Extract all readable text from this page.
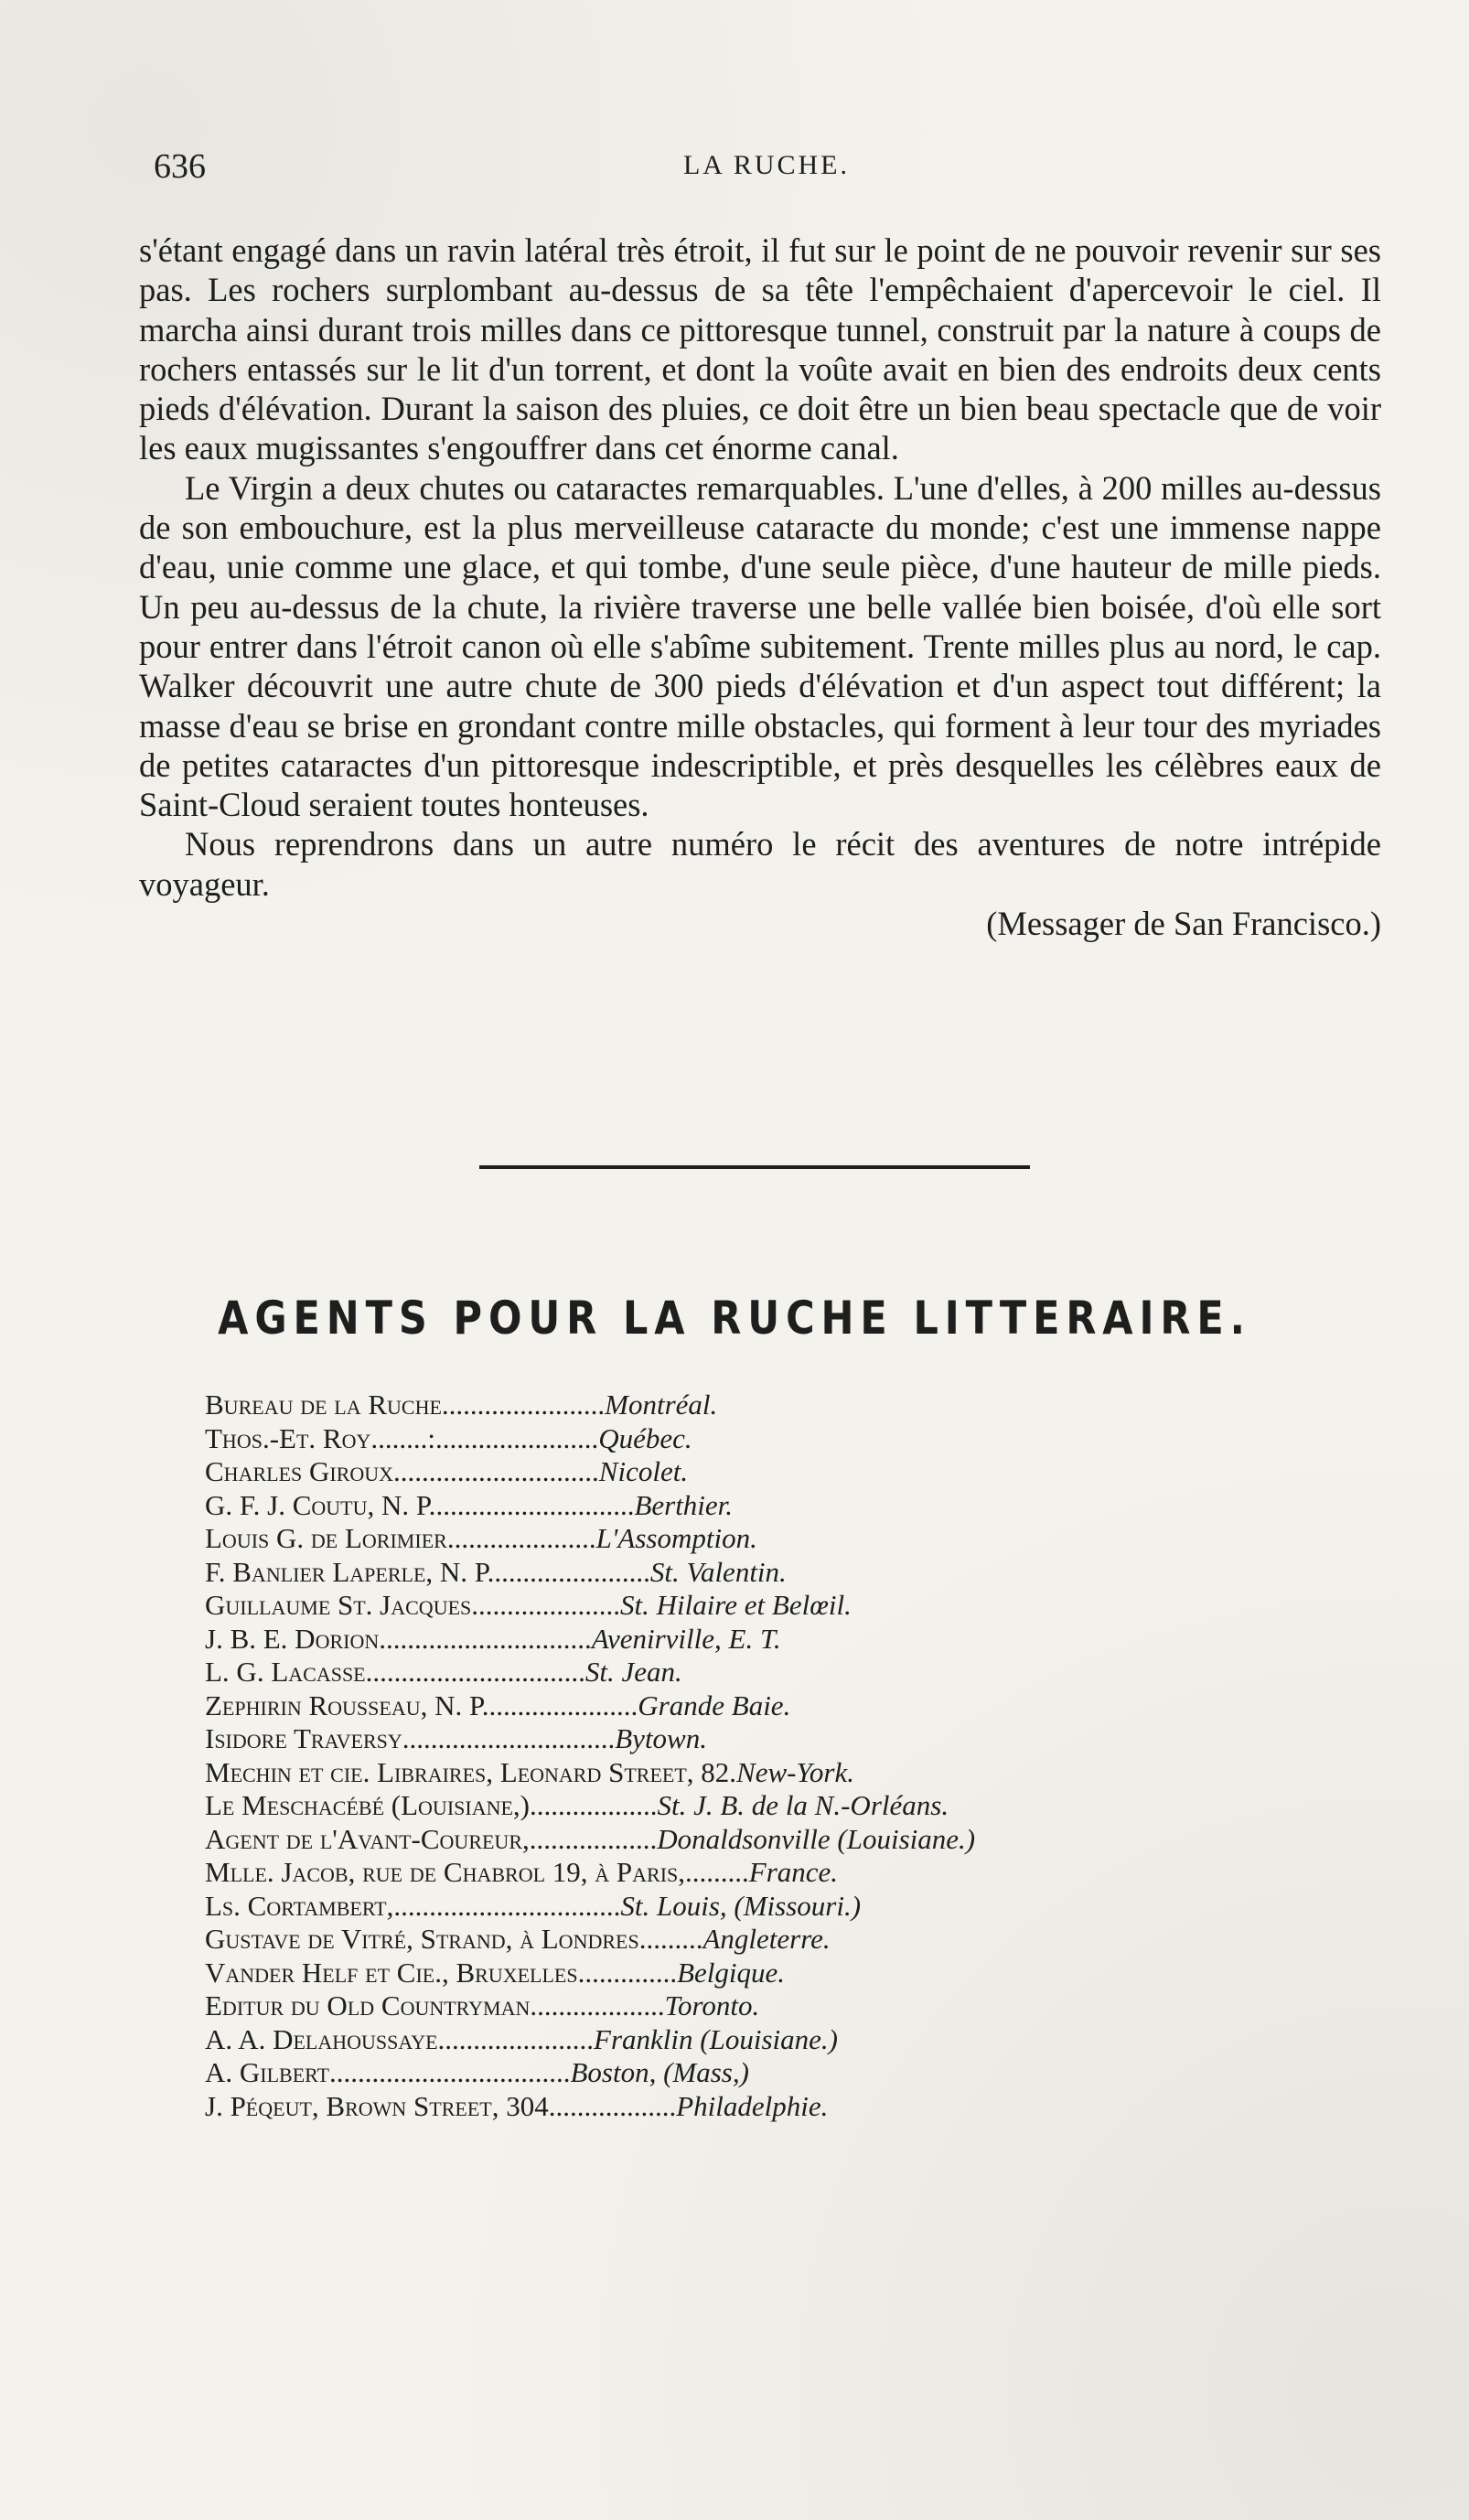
636	LA RUCHE.

s'étant engagé dans un ravin latéral très étroit, il fut sur le point de ne pouvoir revenir sur ses pas. Les rochers surplombant au-dessus de sa tête l'empêchaient d'apercevoir le ciel. Il marcha ainsi durant trois milles dans ce pittoresque tunnel, construit par la nature à coups de rochers entassés sur le lit d'un torrent, et dont la voûte avait en bien des endroits deux cents pieds d'élévation. Durant la saison des pluies, ce doit être un bien beau spectacle que de voir les eaux mugissantes s'engouffrer dans cet énorme canal.

Le Virgin a deux chutes ou cataractes remarquables. L'une d'elles, à 200 milles au-dessus de son embouchure, est la plus merveilleuse cataracte du monde; c'est une immense nappe d'eau, unie comme une glace, et qui tombe, d'une seule pièce, d'une hauteur de mille pieds. Un peu au-dessus de la chute, la rivière traverse une belle vallée bien boisée, d'où elle sort pour entrer dans l'étroit canon où elle s'abîme subitement. Trente milles plus au nord, le cap. Walker découvrit une autre chute de 300 pieds d'élévation et d'un aspect tout différent; la masse d'eau se brise en grondant contre mille obstacles, qui forment à leur tour des myriades de petites cataractes d'un pittoresque indescriptible, et près desquelles les célèbres eaux de Saint-Cloud seraient toutes honteuses.

Nous reprendrons dans un autre numéro le récit des aventures de notre intrépide voyageur.
(Messager de San Francisco.)

AGENTS POUR LA RUCHE LITTERAIRE.
Bureau de la Ruche.......................Montréal.
Thos.-Et. Roy........:.......................Québec.
Charles Giroux.............................Nicolet.
G. F. J. Coutu, N. P.............................Berthier.
Louis G. de Lorimier.....................L'Assomption.
F. Banlier Laperle, N. P.......................St. Valentin.
Guillaume St. Jacques.....................St. Hilaire et Belœil.
J. B. E. Dorion..............................Avenirville, E. T.
L. G. Lacasse...............................St. Jean.
Zephirin Rousseau, N. P......................Grande Baie.
Isidore Traversy..............................Bytown.
Mechin et cie. Libraires, Leonard Street, 82.New-York.
Le Meschacébé (Louisiane,)..................St. J. B. de la N.-Orléans.
Agent de l'Avant-Coureur,..................Donaldsonville (Louisiane.)
Mlle. Jacob, rue de Chabrol 19, à Paris,.........France.
Ls. Cortambert,................................St. Louis, (Missouri.)
Gustave de Vitré, Strand, à Londres.........Angleterre.
Vander Helf et Cie., Bruxelles..............Belgique.
Editur du Old Countryman...................Toronto.
A. A. Delahoussaye......................Franklin (Louisiane.)
A. Gilbert..................................Boston, (Mass,)
J. Péqeut, Brown Street, 304..................Philadelphie.
